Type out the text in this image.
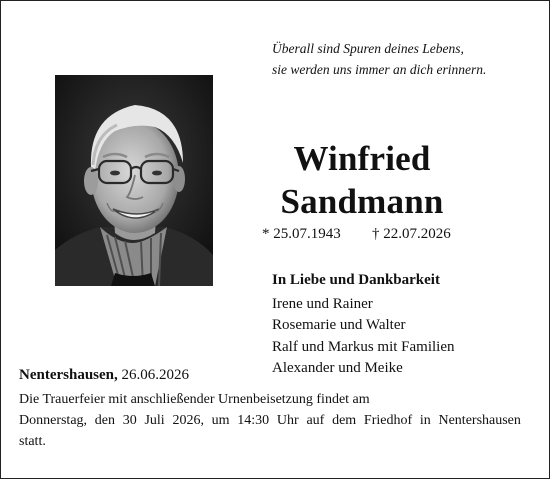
Überall sind Spuren deines Lebens,
sie werden uns immer an dich erinnern.
Winfried
Sandmann
* 25.07.1943 † 22.07.2026
In Liebe und Dankbarkeit
Irene und Rainer
Rosemarie und Walter
Ralf und Markus mit Familien
Alexander und Meike
Nentershausen, 26.06.2026
Die Trauerfeier mit anschließender Urnenbeisetzung findet am
Donnerstag, den 30 Juli 2026, um 14:30 Uhr auf dem Friedhof in Nentershausen
statt.
